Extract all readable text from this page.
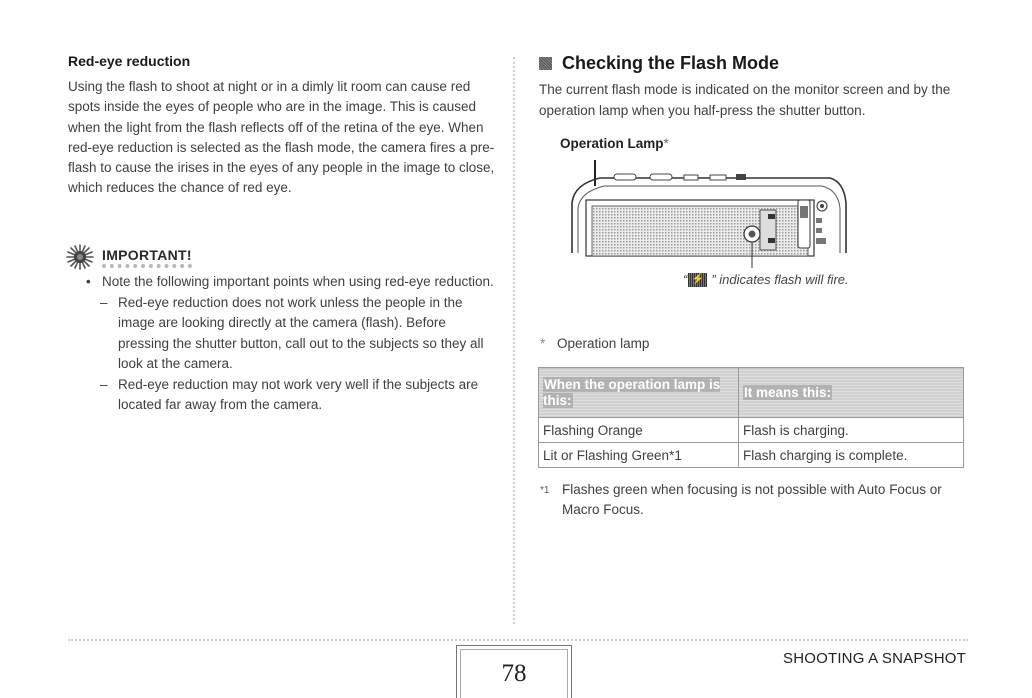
Red-eye reduction
Using the flash to shoot at night or in a dimly lit room can cause red spots inside the eyes of people who are in the image. This is caused when the light from the flash reflects off of the retina of the eye. When red-eye reduction is selected as the flash mode, the camera fires a pre-flash to cause the irises in the eyes of any people in the image to close, which reduces the chance of red eye.
IMPORTANT!
• Note the following important points when using red-eye reduction.
– Red-eye reduction does not work unless the people in the image are looking directly at the camera (flash). Before pressing the shutter button, call out to the subjects so they all look at the camera.
– Red-eye reduction may not work very well if the subjects are located far away from the camera.
Checking the Flash Mode
The current flash mode is indicated on the monitor screen and by the operation lamp when you half-press the shutter button.
Operation Lamp*
“ ⚡ ” indicates flash will fire.
* Operation lamp
When the operation lamp is this:	It means this:
Flashing Orange	Flash is charging.
Lit or Flashing Green*1	Flash charging is complete.
*1 Flashes green when focusing is not possible with Auto Focus or Macro Focus.
78
SHOOTING A SNAPSHOT
